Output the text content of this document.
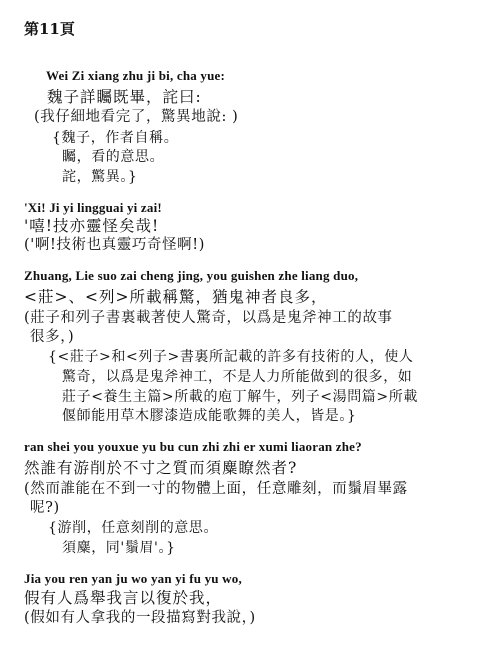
第11頁
Wei Zi xiang zhu ji bi, cha yue:
魏子詳矚既畢，詫曰:
(我仔細地看完了，驚異地說: )
{魏子，作者自稱。
矚，看的意思。
詫，驚異。}
'Xi! Ji yi lingguai yi zai!
'嘻!技亦靈怪矣哉!
('啊!技術也真靈巧奇怪啊!)
Zhuang, Lie suo zai cheng jing, you guishen zhe liang duo,
<莊>、<列>所載稱驚，猶鬼神者良多，
(莊子和列子書裏載著使人驚奇，以爲是鬼斧神工的故事
很多，)
{<莊子>和<列子>書裏所記載的許多有技術的人，使人
驚奇，以爲是鬼斧神工，不是人力所能做到的很多，如
莊子<養生主篇>所載的庖丁解牛，列子<湯問篇>所載
偃師能用草木膠漆造成能歌舞的美人，皆是。}
ran shei you youxue yu bu cun zhi zhi er xumi liaoran zhe?
然誰有游削於不寸之質而須麋瞭然者?
(然而誰能在不到一寸的物體上面，任意雕刻，而鬚眉畢露
呢?)
{游削，任意刻削的意思。
須麋，同'鬚眉'。}
Jia you ren yan ju wo yan yi fu yu wo,
假有人爲舉我言以復於我，
(假如有人拿我的一段描寫對我說，)
